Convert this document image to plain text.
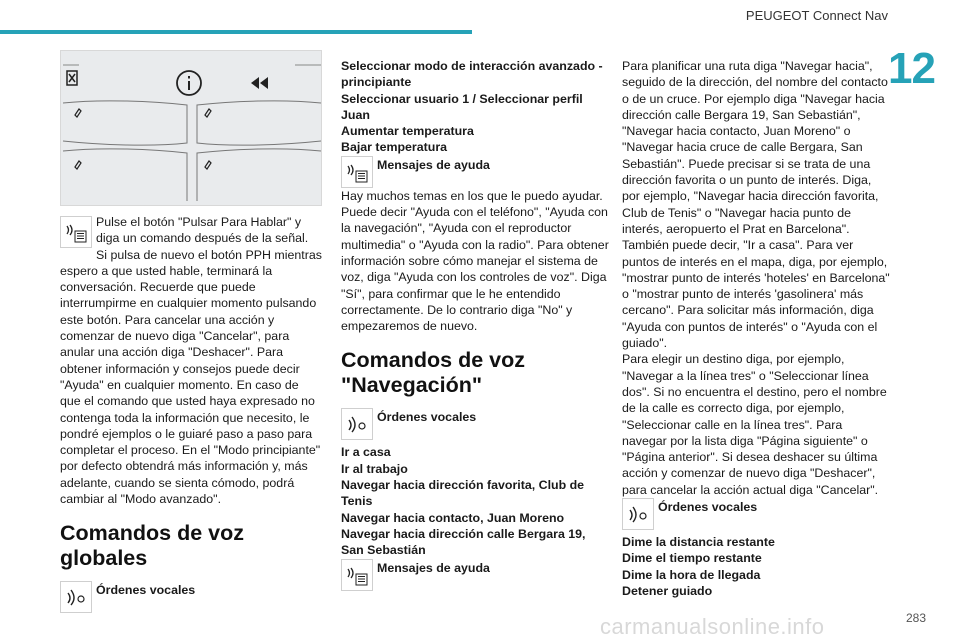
PEUGEOT Connect Nav
12
Pulse el botón "Pulsar Para Hablar" y diga un comando después de la señal. Si pulsa de nuevo el botón PPH mientras espero a que usted hable, terminará la conversación. Recuerde que puede interrumpirme en cualquier momento pulsando este botón. Para cancelar una acción y comenzar de nuevo diga "Cancelar", para anular una acción diga "Deshacer". Para obtener información y consejos puede decir "Ayuda" en cualquier momento. En caso de que el comando que usted haya expresado no contenga toda la información que necesito, le pondré ejemplos o le guiaré paso a paso para completar el proceso. En el "Modo principiante" por defecto obtendrá más información y, más adelante, cuando se sienta cómodo, podrá cambiar al "Modo avanzado".
Comandos de voz globales
Órdenes vocales
Seleccionar modo de interacción avanzado - principiante
Seleccionar usuario 1 / Seleccionar perfil Juan
Aumentar temperatura
Bajar temperatura
Mensajes de ayuda
Hay muchos temas en los que le puedo ayudar. Puede decir "Ayuda con el teléfono", "Ayuda con la navegación", "Ayuda con el reproductor multimedia" o "Ayuda con la radio". Para obtener información sobre cómo manejar el sistema de voz, diga "Ayuda con los controles de voz". Diga "Sí", para confirmar que le he entendido correctamente. De lo contrario diga "No" y empezaremos de nuevo.
Comandos de voz "Navegación"
Órdenes vocales
Ir a casa
Ir al trabajo
Navegar hacia dirección favorita, Club de Tenis
Navegar hacia contacto, Juan Moreno
Navegar hacia dirección calle Bergara 19, San Sebastián
Mensajes de ayuda
Para planificar una ruta diga "Navegar hacia", seguido de la dirección, del nombre del contacto o de un cruce. Por ejemplo diga "Navegar hacia dirección calle Bergara 19, San Sebastián", "Navegar hacia contacto, Juan Moreno" o "Navegar hacia cruce de calle Bergara, San Sebastián". Puede precisar si se trata de una dirección favorita o un punto de interés. Diga, por ejemplo, "Navegar hacia dirección favorita, Club de Tenis" o "Navegar hacia punto de interés, aeropuerto el Prat en Barcelona". También puede decir, "Ir a casa". Para ver puntos de interés en el mapa, diga, por ejemplo, "mostrar punto de interés 'hoteles' en Barcelona" o "mostrar punto de interés 'gasolinera' más cercano". Para solicitar más información, diga "Ayuda con puntos de interés" o "Ayuda con el guiado".
Para elegir un destino diga, por ejemplo, "Navegar a la línea tres" o "Seleccionar línea dos". Si no encuentra el destino, pero el nombre de la calle es correcto diga, por ejemplo, "Seleccionar calle en la línea tres". Para navegar por la lista diga "Página siguiente" o "Página anterior". Si desea deshacer su última acción y comenzar de nuevo diga "Deshacer", para cancelar la acción actual diga "Cancelar".
Órdenes vocales
Dime la distancia restante
Dime el tiempo restante
Dime la hora de llegada
Detener guiado
carmanualsonline.info	283
